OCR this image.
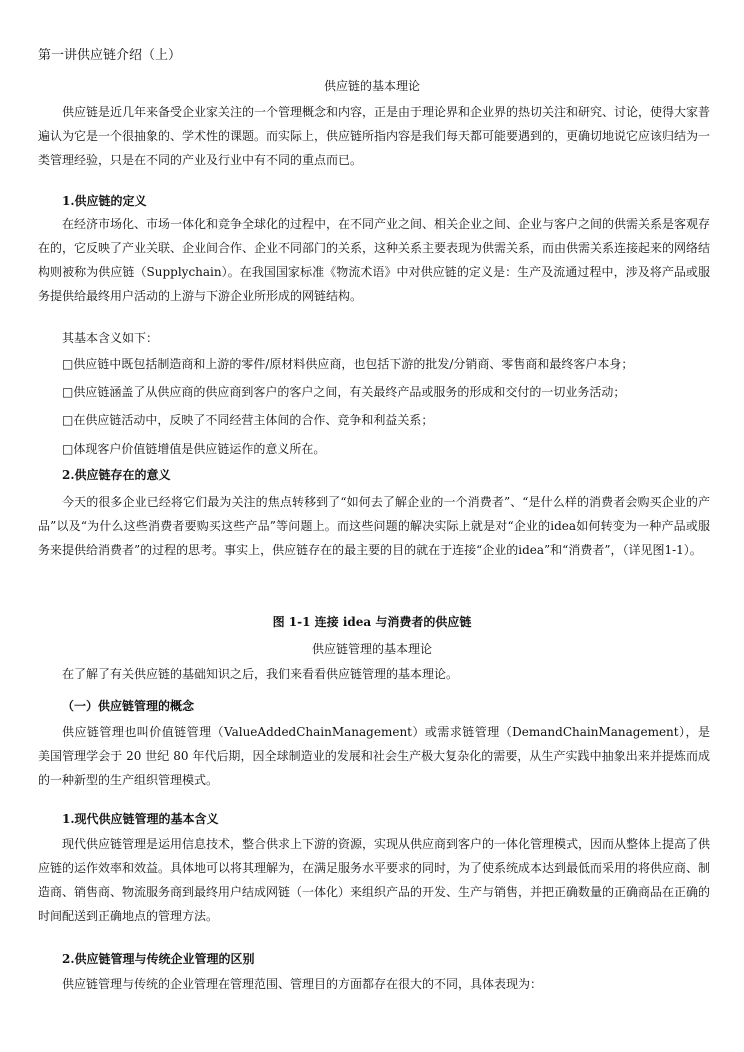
第一讲供应链介绍（上）
供应链的基本理论

供应链是近几年来备受企业家关注的一个管理概念和内容，正是由于理论界和企业界的热切关注和研究、讨论，使得大家普遍认为它是一个很抽象的、学术性的课题。而实际上，供应链所指内容是我们每天都可能要遇到的，更确切地说它应该归结为一类管理经验，只是在不同的产业及行业中有不同的重点而已。

1.供应链的定义

在经济市场化、市场一体化和竞争全球化的过程中，在不同产业之间、相关企业之间、企业与客户之间的供需关系是客观存在的，它反映了产业关联、企业间合作、企业不同部门的关系，这种关系主要表现为供需关系，而由供需关系连接起来的网络结构则被称为供应链（Supplychain）。在我国国家标准《物流术语》中对供应链的定义是：生产及流通过程中，涉及将产品或服务提供给最终用户活动的上游与下游企业所形成的网链结构。

其基本含义如下：
□供应链中既包括制造商和上游的零件/原材料供应商，也包括下游的批发/分销商、零售商和最终客户本身；
□供应链涵盖了从供应商的供应商到客户的客户之间，有关最终产品或服务的形成和交付的一切业务活动；
□在供应链活动中，反映了不同经营主体间的合作、竞争和利益关系；
□体现客户价值链增值是供应链运作的意义所在。
2.供应链存在的意义

今天的很多企业已经将它们最为关注的焦点转移到了“如何去了解企业的一个消费者”、“是什么样的消费者会购买企业的产品”以及“为什么这些消费者要购买这些产品”等问题上。而这些问题的解决实际上就是对“企业的idea如何转变为一种产品或服务来提供给消费者”的过程的思考。事实上，供应链存在的最主要的目的就在于连接“企业的idea”和“消费者”，（详见图1-1）。

图 1-1 连接 idea 与消费者的供应链
供应链管理的基本理论

在了解了有关供应链的基础知识之后，我们来看看供应链管理的基本理论。

（一）供应链管理的概念

供应链管理也叫价值链管理（ValueAddedChainManagement）或需求链管理（DemandChainManagement），是美国管理学会于 20 世纪 80 年代后期，因全球制造业的发展和社会生产极大复杂化的需要，从生产实践中抽象出来并提炼而成的一种新型的生产组织管理模式。

1.现代供应链管理的基本含义

现代供应链管理是运用信息技术，整合供求上下游的资源，实现从供应商到客户的一体化管理模式，因而从整体上提高了供应链的运作效率和效益。具体地可以将其理解为，在满足服务水平要求的同时，为了使系统成本达到最低而采用的将供应商、制造商、销售商、物流服务商到最终用户结成网链（一体化）来组织产品的开发、生产与销售，并把正确数量的正确商品在正确的时间配送到正确地点的管理方法。

2.供应链管理与传统企业管理的区别

供应链管理与传统的企业管理在管理范围、管理目的方面都存在很大的不同，具体表现为：
